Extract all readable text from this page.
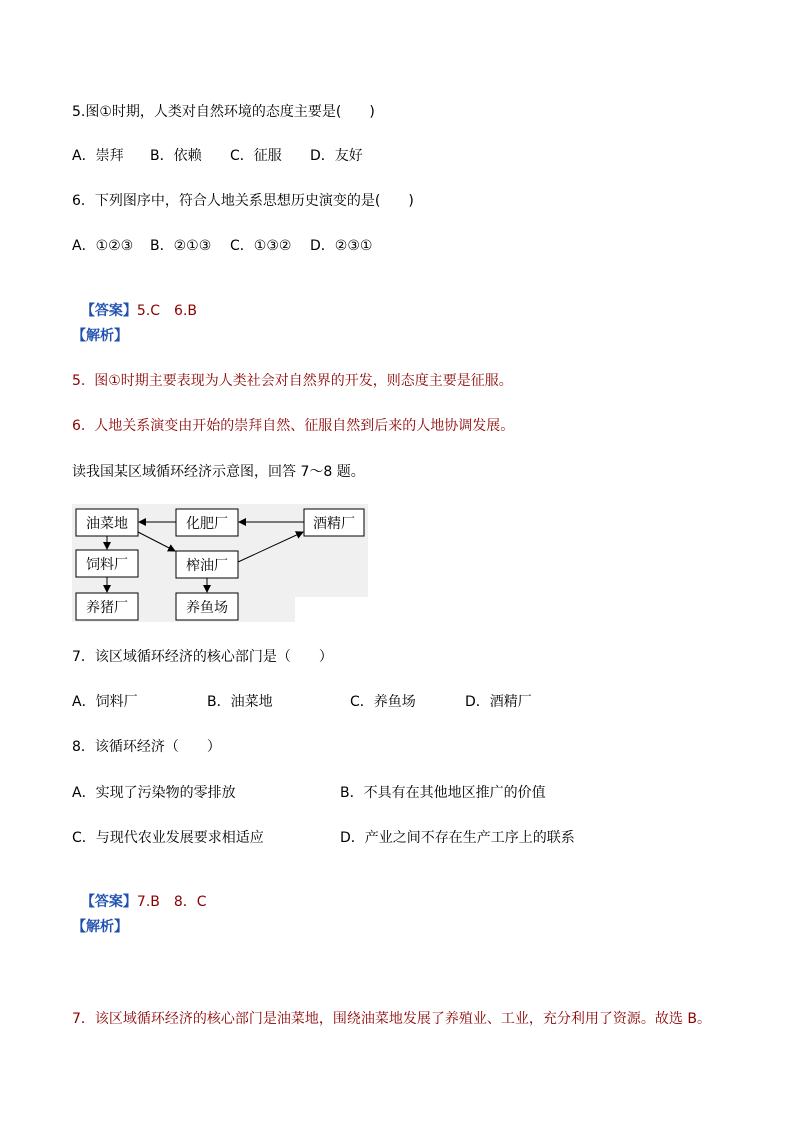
5.图①时期，人类对自然环境的态度主要是(　　)
A．崇拜 B．依赖 C．征服 D．友好
6．下列图序中，符合人地关系思想历史演变的是(　　)
A．①②③ B．②①③ C．①③② D．②③①

【答案】5.C　6.B

【解析】
5.  图①时期主要表现为人类社会对自然界的开发，则态度主要是征服。
6.  人地关系演变由开始的崇拜自然、征服自然到后来的人地协调发展。
读我国某区域循环经济示意图，回答 7～8 题。
油菜地	化肥厂	酒精厂
饲料厂	榨油厂
养猪厂	养鱼场
7．该区域循环经济的核心部门是（　　）
A．饲料厂	B．油菜地	C．养鱼场	D．酒精厂
8．该循环经济（　　）
A．实现了污染物的零排放	B．不具有在其他地区推广的价值
C．与现代农业发展要求相适应	D．产业之间不存在生产工序上的联系

【答案】7.B　8．C

【解析】
7．该区域循环经济的核心部门是油菜地，围绕油菜地发展了养殖业、工业，充分利用了资源。故选 B。
